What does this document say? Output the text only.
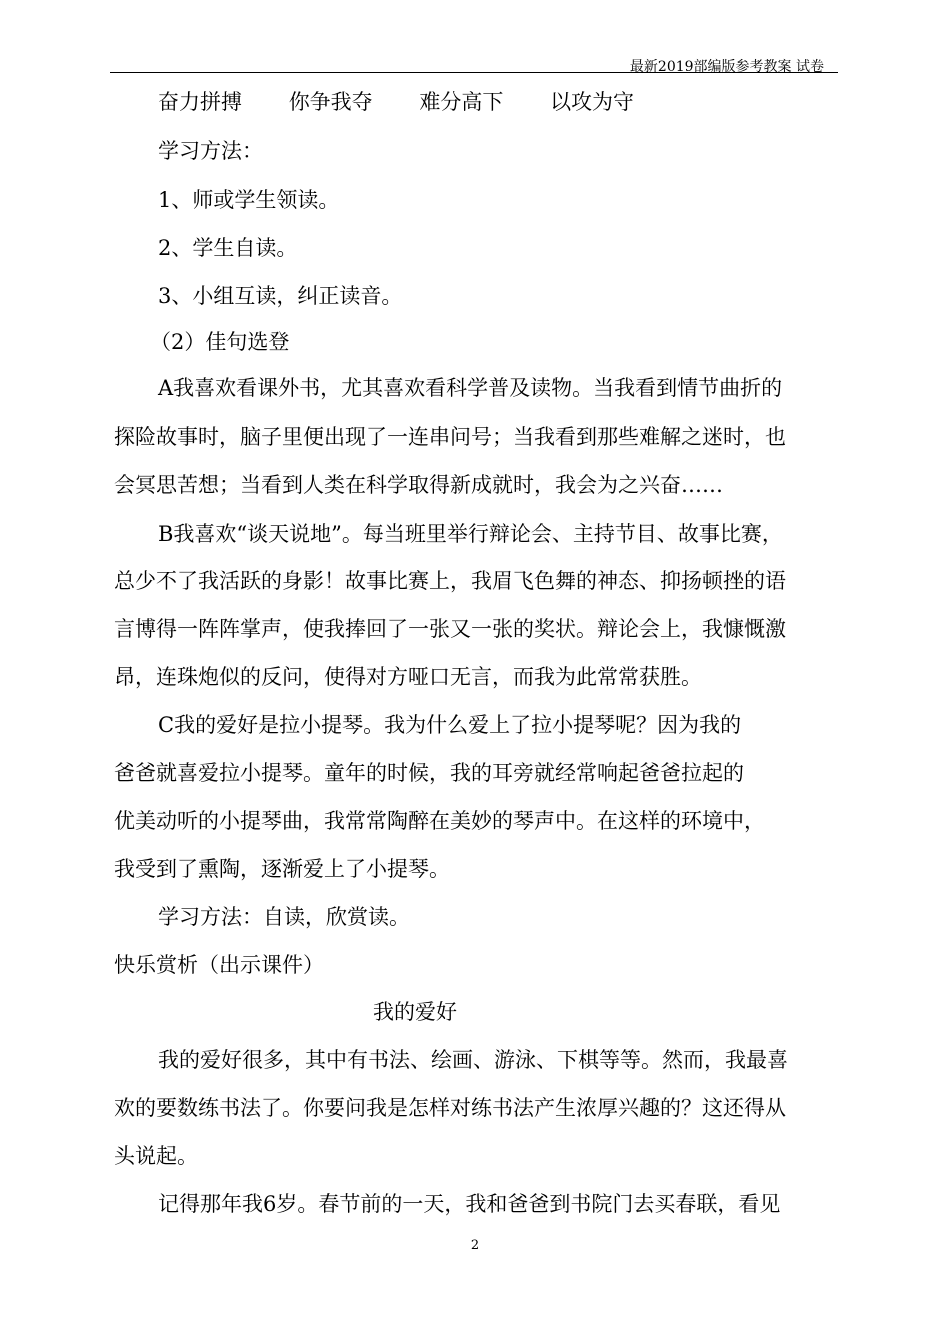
最新2019部编版参考教案 试卷
奋力拼搏 你争我夺 难分高下 以攻为守
学习方法：
1、师或学生领读。
2、学生自读。
3、小组互读，纠正读音。
（2）佳句选登
A我喜欢看课外书，尤其喜欢看科学普及读物。当我看到情节曲折的
探险故事时，脑子里便出现了一连串问号；当我看到那些难解之迷时，也
会冥思苦想；当看到人类在科学取得新成就时，我会为之兴奋……
B我喜欢“谈天说地”。每当班里举行辩论会、主持节目、故事比赛，
总少不了我活跃的身影！故事比赛上，我眉飞色舞的神态、抑扬顿挫的语
言博得一阵阵掌声，使我捧回了一张又一张的奖状。辩论会上，我慷慨激
昂，连珠炮似的反问，使得对方哑口无言，而我为此常常获胜。
C我的爱好是拉小提琴。我为什么爱上了拉小提琴呢？因为我的
爸爸就喜爱拉小提琴。童年的时候，我的耳旁就经常响起爸爸拉起的
优美动听的小提琴曲，我常常陶醉在美妙的琴声中。在这样的环境中，
我受到了熏陶，逐渐爱上了小提琴。
学习方法：自读，欣赏读。
快乐赏析（出示课件）
我的爱好
我的爱好很多，其中有书法、绘画、游泳、下棋等等。然而，我最喜
欢的要数练书法了。你要问我是怎样对练书法产生浓厚兴趣的？这还得从
头说起。
记得那年我6岁。春节前的一天，我和爸爸到书院门去买春联，看见
2
